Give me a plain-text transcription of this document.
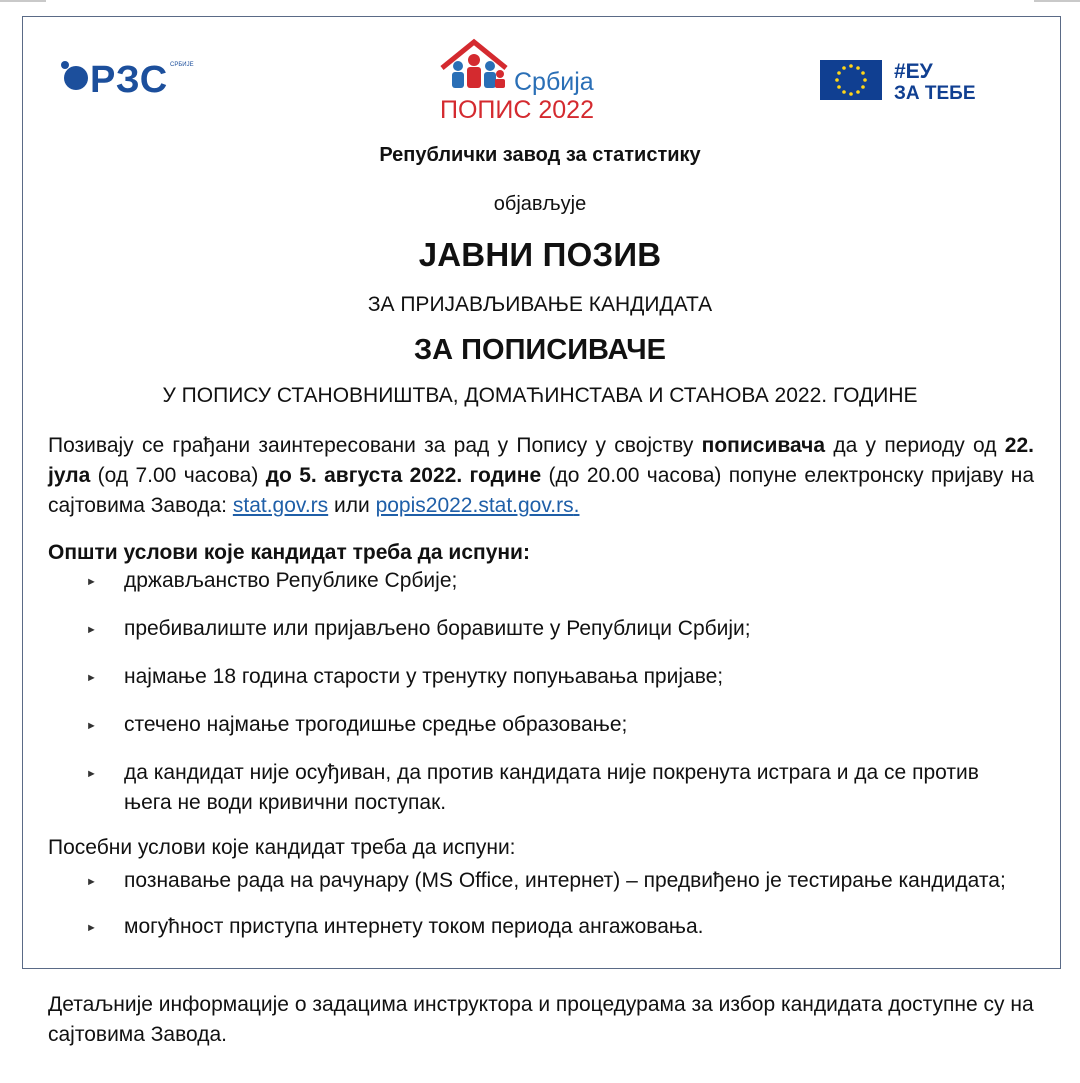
РЗС СРБИЈЕ
Србија
ПОПИС 2022
#ЕУ
ЗА ТЕБЕ
Републички завод за статистику
објављује
ЈАВНИ ПОЗИВ
ЗА ПРИЈАВЉИВАЊЕ КАНДИДАТА
ЗА ПОПИСИВАЧЕ
У ПОПИСУ СТАНОВНИШТВА, ДОМАЋИНСТАВА И СТАНОВА 2022. ГОДИНЕ

Позивају се грађани заинтересовани за рад у Попису у својству пописивача да у периоду од 22. јула (од 7.00 часова) до 5. августа 2022. године (до 20.00 часова) попуне електронску пријаву на сајтовима Завода: stat.gov.rs или popis2022.stat.gov.rs.

Општи услови које кандидат треба да испуни:
► држављанство Републике Србије;
► пребивалиште или пријављено боравиште у Републици Србији;
► најмање 18 година старости у тренутку попуњавања пријаве;
► стечено најмање трогодишње средње образовање;
► да кандидат није осуђиван, да против кандидата није покренута истрага и да се против њега не води кривични поступак.
Посебни услови које кандидат треба да испуни:
► познавање рада на рачунару (MS Office, интернет) – предвиђено је тестирање кандидата;
► могућност приступа интернету током периода ангажовања.
Детаљније информације о задацима инструктора и процедурама за избор кандидата доступне су на сајтовима Завода.
